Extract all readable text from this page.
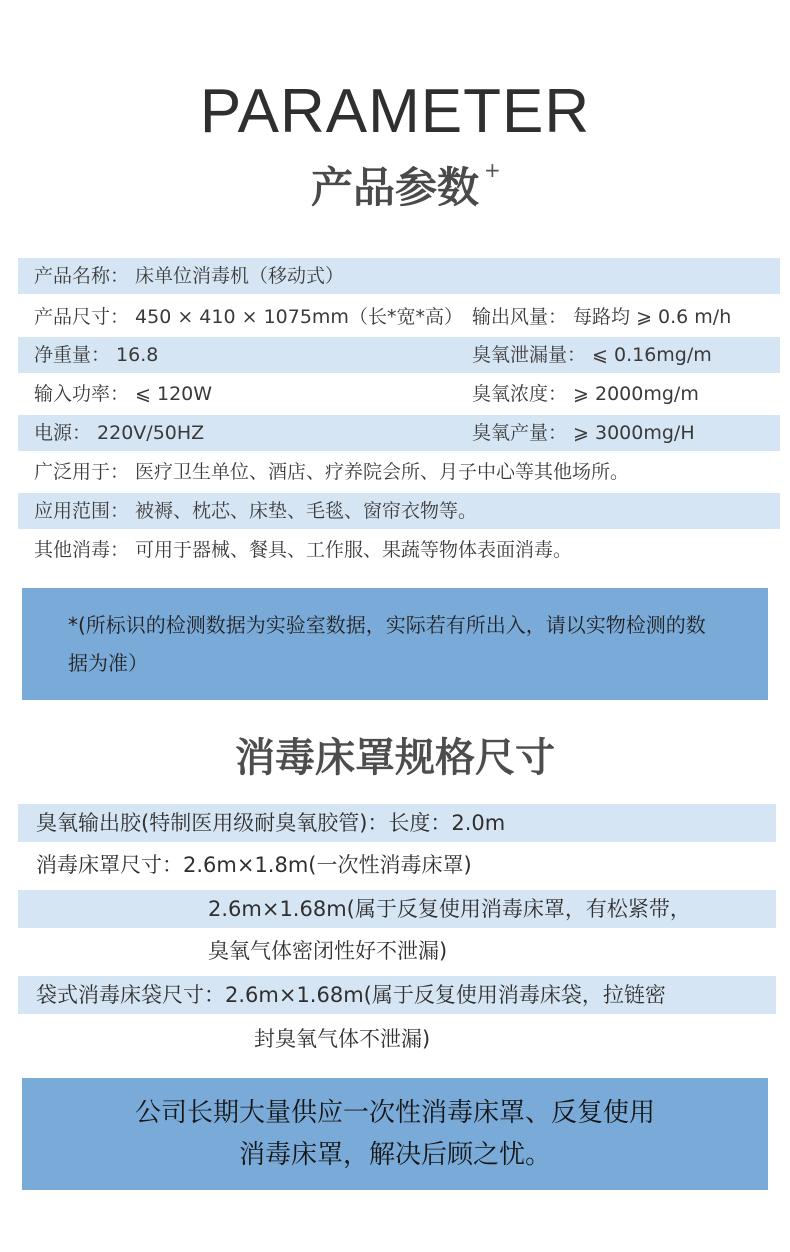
PARAMETER
产品参数 +
产品名称： 床单位消毒机（移动式）
产品尺寸： 450 × 410 × 1075mm（长*宽*高） 输出风量： 每路均 ⩾ 0.6 m/h
净重量： 16.8	臭氧泄漏量： ⩽ 0.16mg/m
输入功率： ⩽ 120W	臭氧浓度： ⩾ 2000mg/m
电源： 220V/50HZ	臭氧产量： ⩾ 3000mg/H
广泛用于： 医疗卫生单位、酒店、疗养院会所、月子中心等其他场所。
应用范围： 被褥、枕芯、床垫、毛毯、窗帘衣物等。
其他消毒： 可用于器械、餐具、工作服、果蔬等物体表面消毒。
*(所标识的检测数据为实验室数据，实际若有所出入，请以实物检测的数据为准）
消毒床罩规格尺寸
臭氧输出胶(特制医用级耐臭氧胶管)：长度：2.0m
消毒床罩尺寸：2.6m×1.8m(一次性消毒床罩)
2.6m×1.68m(属于反复使用消毒床罩，有松紧带，
臭氧气体密闭性好不泄漏)
袋式消毒床袋尺寸：2.6m×1.68m(属于反复使用消毒床袋，拉链密
封臭氧气体不泄漏)
公司长期大量供应一次性消毒床罩、反复使用
消毒床罩，解决后顾之忧。
